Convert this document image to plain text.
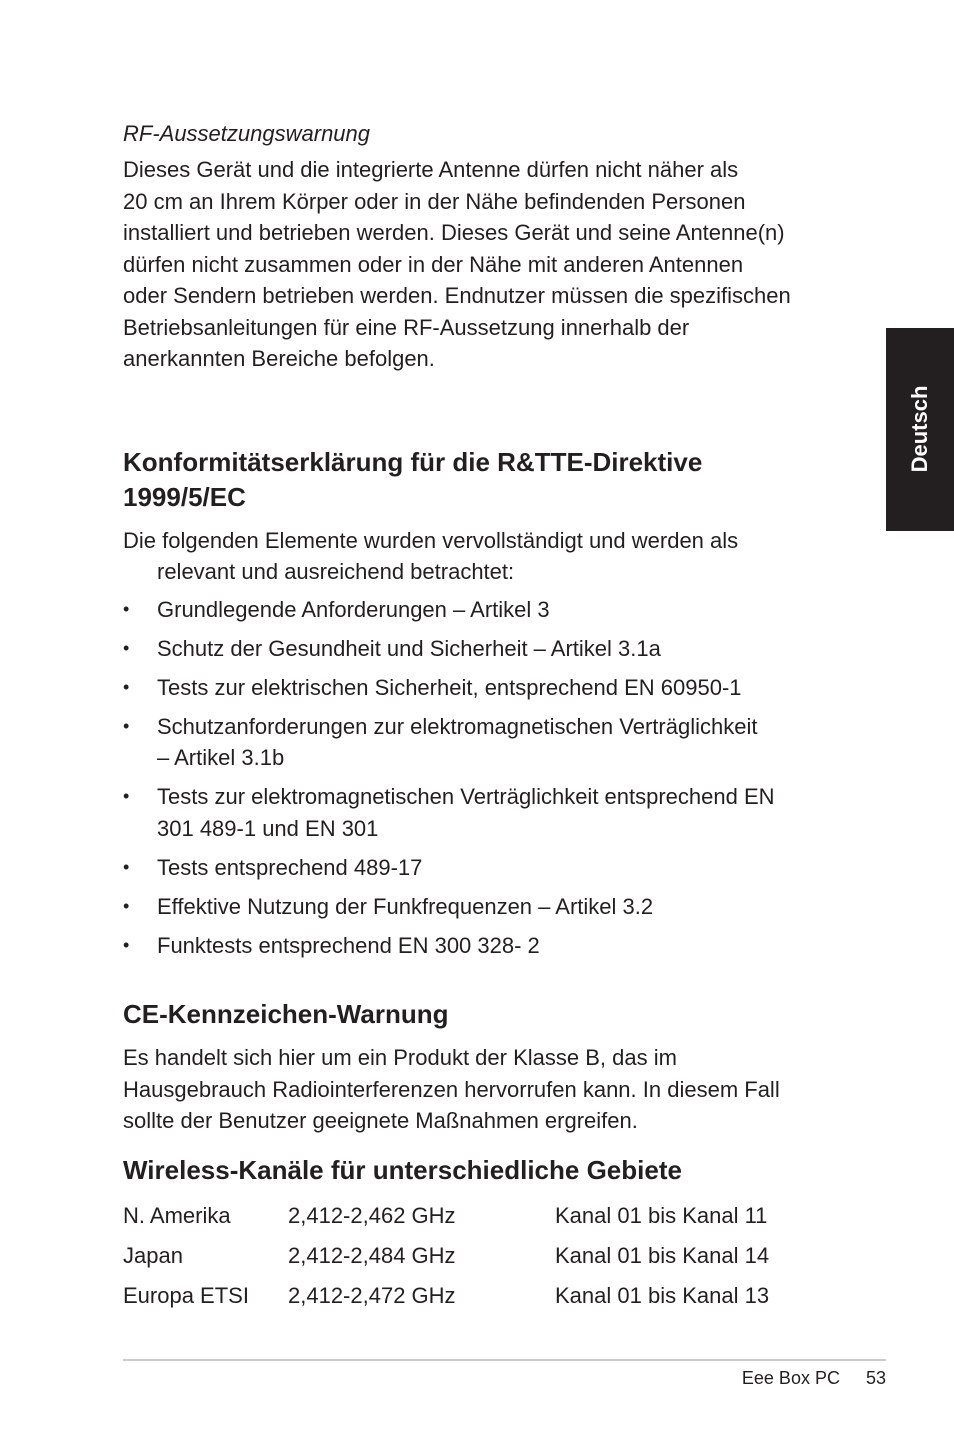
Deutsch

RF-Aussetzungswarnung

Dieses Gerät und die integrierte Antenne dürfen nicht näher als
20 cm an Ihrem Körper oder in der Nähe befindenden Personen
installiert und betrieben werden. Dieses Gerät und seine Antenne(n)
dürfen nicht zusammen oder in der Nähe mit anderen Antennen
oder Sendern betrieben werden. Endnutzer müssen die spezifischen
Betriebsanleitungen für eine RF-Aussetzung innerhalb der
anerkannten Bereiche befolgen.

Konformitätserklärung für die R&TTE-Direktive
1999/5/EC

Die folgenden Elemente wurden vervollständigt und werden als
relevant und ausreichend betrachtet:

• Grundlegende Anforderungen – Artikel 3
• Schutz der Gesundheit und Sicherheit – Artikel 3.1a
• Tests zur elektrischen Sicherheit, entsprechend EN 60950-1
• Schutzanforderungen zur elektromagnetischen Verträglichkeit
– Artikel 3.1b
• Tests zur elektromagnetischen Verträglichkeit entsprechend EN
301 489-1 und EN 301
• Tests entsprechend 489-17
• Effektive Nutzung der Funkfrequenzen – Artikel 3.2
• Funktests entsprechend EN 300 328- 2
CE-Kennzeichen-Warnung

Es handelt sich hier um ein Produkt der Klasse B, das im
Hausgebrauch Radiointerferenzen hervorrufen kann. In diesem Fall
sollte der Benutzer geeignete Maßnahmen ergreifen.

Wireless-Kanäle für unterschiedliche Gebiete
N. Amerika	2,412-2,462 GHz	Kanal 01 bis Kanal 11
Japan	2,412-2,484 GHz	Kanal 01 bis Kanal 14
Europa ETSI	2,412-2,472 GHz	Kanal 01 bis Kanal 13
Eee Box PC 53
